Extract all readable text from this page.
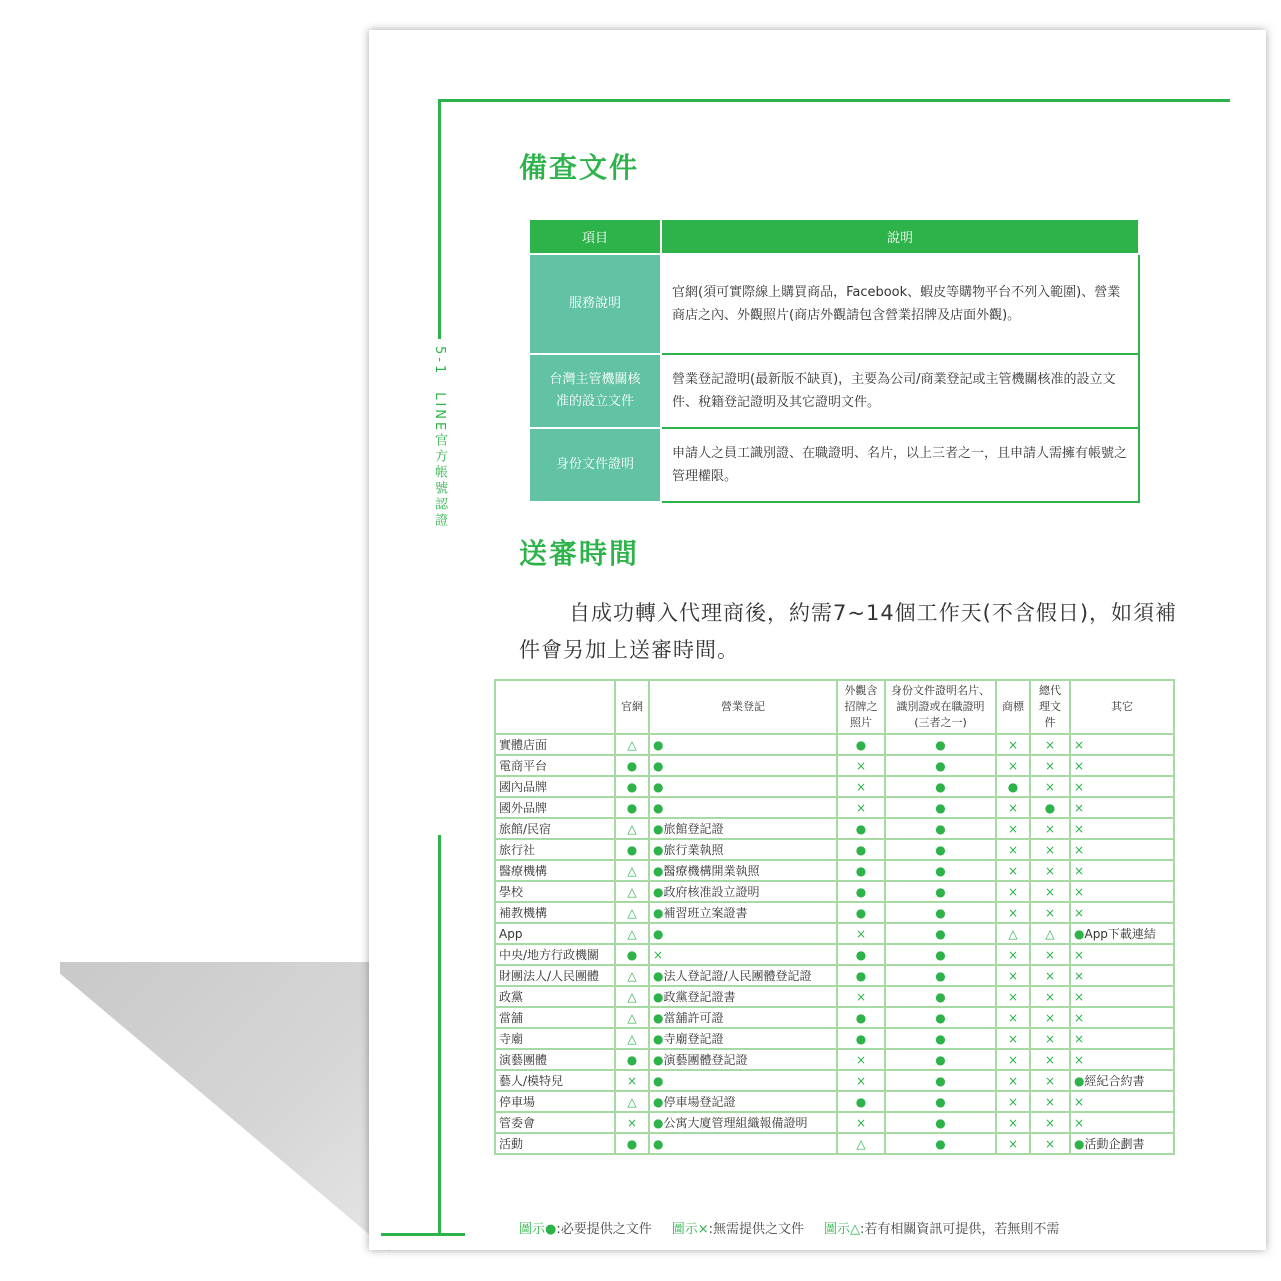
5-1　LINE官方帳號認證
備查文件
項目	說明
服務說明	官網(須可實際線上購買商品，Facebook、蝦皮等購物平台不列入範圍)、營業商店之內、外觀照片(商店外觀請包含營業招牌及店面外觀)。
台灣主管機關核准的設立文件	營業登記證明(最新版不缺頁)，主要為公司/商業登記或主管機關核准的設立文件、稅籍登記證明及其它證明文件。
身份文件證明	申請人之員工識別證、在職證明、名片，以上三者之一，且申請人需擁有帳號之管理權限。
送審時間
自成功轉入代理商後，約需7~14個工作天(不含假日)，如須補件會另加上送審時間。
	官網	營業登記	外觀含招牌之照片	身份文件證明名片、識別證或在職證明(三者之一)	商標	總代理文件	其它
實體店面	△	●	●	●	×	×	×
電商平台	●	●	×	●	×	×	×
國內品牌	●	●	×	●	●	×	×
國外品牌	●	●	×	●	×	●	×
旅館/民宿	△	●旅館登記證	●	●	×	×	×
旅行社	●	●旅行業執照	●	●	×	×	×
醫療機構	△	●醫療機構開業執照	●	●	×	×	×
學校	△	●政府核准設立證明	●	●	×	×	×
補教機構	△	●補習班立案證書	●	●	×	×	×
App	△	●	×	●	△	△	●App下載連結
中央/地方行政機關	●	×	●	●	×	×	×
財團法人/人民團體	△	●法人登記證/人民團體登記證	●	●	×	×	×
政黨	△	●政黨登記證書	×	●	×	×	×
當舖	△	●當舖許可證	●	●	×	×	×
寺廟	△	●寺廟登記證	●	●	×	×	×
演藝團體	●	●演藝團體登記證	×	●	×	×	×
藝人/模特兒	×	●	×	●	×	×	●經紀合約書
停車場	△	●停車場登記證	●	●	×	×	×
管委會	×	●公寓大廈管理組織報備證明	×	●	×	×	×
活動	●	●	△	●	×	×	●活動企劃書
圖示●:必要提供之文件 圖示×:無需提供之文件 圖示△:若有相關資訊可提供，若無則不需
